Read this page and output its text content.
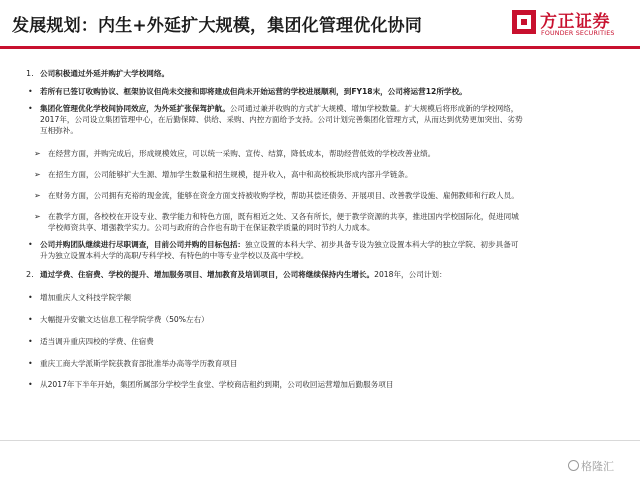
发展规划：内生+外延扩大规模，集团化管理优化协同	方正证券
FOUNDER SECURITIES
1. 公司积极通过外延并购扩大学校网络。
• 若所有已签订收购协议、框架协议但尚未交接和即将建成但尚未开始运营的学校进展顺利，到FY18末，公司将运营12所学校。
• 集团化管理优化学校间协同效应，为外延扩张保驾护航。公司通过兼并收购的方式扩大规模、增加学校数量。扩大规模后将形成新的学校网络，
2017年，公司设立集团管理中心，在后勤保障、供给、采购、内控方面给予支持。公司计划完善集团化管理方式，从而达到优势更加突出、劣势
互相弥补。
➢ 在经营方面，并购完成后，形成规模效应，可以统一采购、宣传、结算，降低成本，帮助经营低效的学校改善业绩。
➢ 在招生方面，公司能够扩大生源、增加学生数量和招生规模，提升收入，高中和高校板块形成内部升学链条。
➢ 在财务方面，公司拥有充裕的现金流，能够在资金方面支持被收购学校，帮助其偿还债务、开展项目、改善教学设施、雇佣教师和行政人员。
➢ 在教学方面，各校校在开设专业、教学能力和特色方面，既有相近之处、又各有所长，便于教学资源的共享，推进国内学校国际化，促进同城
学校师资共享、增强教学实力。公司与政府的合作也有助于在保证教学质量的同时节约人力成本。
• 公司并购团队继续进行尽职调查，目前公司并购的目标包括：独立设置的本科大学、初步具备专设为独立设置本科大学的独立学院、初步具备可
升为独立设置本科大学的高职/专科学校、有特色的中等专业学校以及高中学校。
2. 通过学费、住宿费、学校的提升、增加服务项目、增加教育及培训项目，公司将继续保持内生增长。2018年，公司计划：
• 增加重庆人文科技学院学额
• 大幅提升安徽文达信息工程学院学费（50%左右）
• 适当调升重庆四校的学费、住宿费
• 重庆工商大学派斯学院获教育部批准举办高等学历教育项目
• 从2017年下半年开始，集团所属部分学校学生食堂、学校商店租约到期，公司收回运营增加后勤服务项目
格隆汇
